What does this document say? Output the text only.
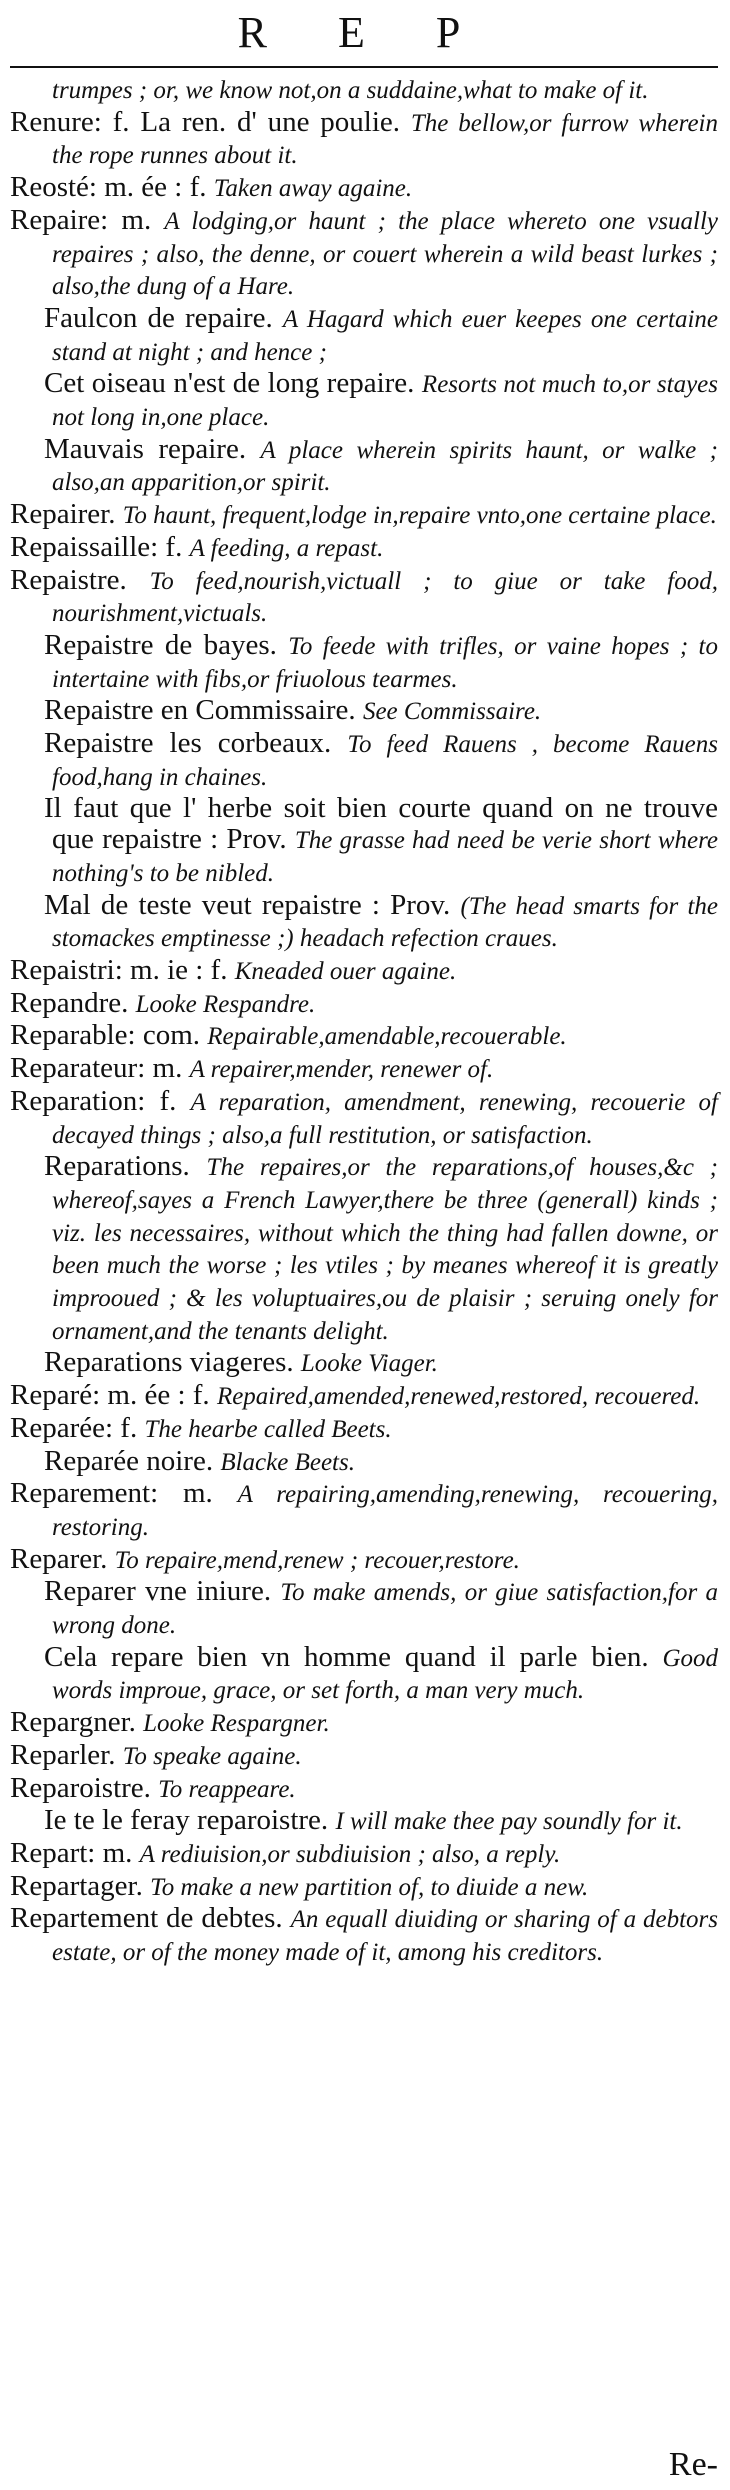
R E P

trumpes ; or, we know not,on a suddaine,what to make of it.

Renure: f. La ren. d' une poulie. The bellow,or furrow wherein the rope runnes about it.

Reosté: m. ée : f. Taken away againe.

Repaire: m. A lodging,or haunt ; the place whereto one vsually repaires ; also, the denne, or couert wherein a wild beast lurkes ; also,the dung of a Hare.

Faulcon de repaire. A Hagard which euer keepes one certaine stand at night ; and hence ;

Cet oiseau n'est de long repaire. Resorts not much to,or stayes not long in,one place.

Mauvais repaire. A place wherein spirits haunt, or walke ; also,an apparition,or spirit.

Repairer. To haunt, frequent,lodge in,repaire vnto,one certaine place.

Repaissaille: f. A feeding, a repast.

Repaistre. To feed,nourish,victuall ; to giue or take food, nourishment,victuals.

Repaistre de bayes. To feede with trifles, or vaine hopes ; to intertaine with fibs,or friuolous tearmes.

Repaistre en Commissaire. See Commissaire.

Repaistre les corbeaux. To feed Rauens , become Rauens food,hang in chaines.

Il faut que l' herbe soit bien courte quand on ne trouve que repaistre : Prov. The grasse had need be verie short where nothing's to be nibled.

Mal de teste veut repaistre : Prov. (The head smarts for the stomackes emptinesse ;) headach refection craues.

Repaistri: m. ie : f. Kneaded ouer againe.

Repandre. Looke Respandre.

Reparable: com. Repairable,amendable,recouerable.

Reparateur: m. A repairer,mender, renewer of.

Reparation: f. A reparation, amendment, renewing, recouerie of decayed things ; also,a full restitution, or satisfaction.

Reparations. The repaires,or the reparations,of houses,&c ; whereof,sayes a French Lawyer,there be three (generall) kinds ; viz. les necessaires, without which the thing had fallen downe, or been much the worse ; les vtiles ; by meanes whereof it is greatly improoued ; & les voluptuaires,ou de plaisir ; seruing onely for ornament,and the tenants delight.

Reparations viageres. Looke Viager.

Reparé: m. ée : f. Repaired,amended,renewed,restored, recouered.

Reparée: f. The hearbe called Beets.

Reparée noire. Blacke Beets.

Reparement: m. A repairing,amending,renewing, recouering, restoring.

Reparer. To repaire,mend,renew ; recouer,restore.

Reparer vne iniure. To make amends, or giue satisfaction,for a wrong done.

Cela repare bien vn homme quand il parle bien. Good words improue, grace, or set forth, a man very much.

Repargner. Looke Respargner.

Reparler. To speake againe.

Reparoistre. To reappeare.

Ie te le feray reparoistre. I will make thee pay soundly for it.

Repart: m. A rediuision,or subdiuision ; also, a reply.

Repartager. To make a new partition of, to diuide a new.

Repartement de debtes. An equall diuiding or sharing of a debtors estate, or of the money made of it, among his creditors.

Re-
